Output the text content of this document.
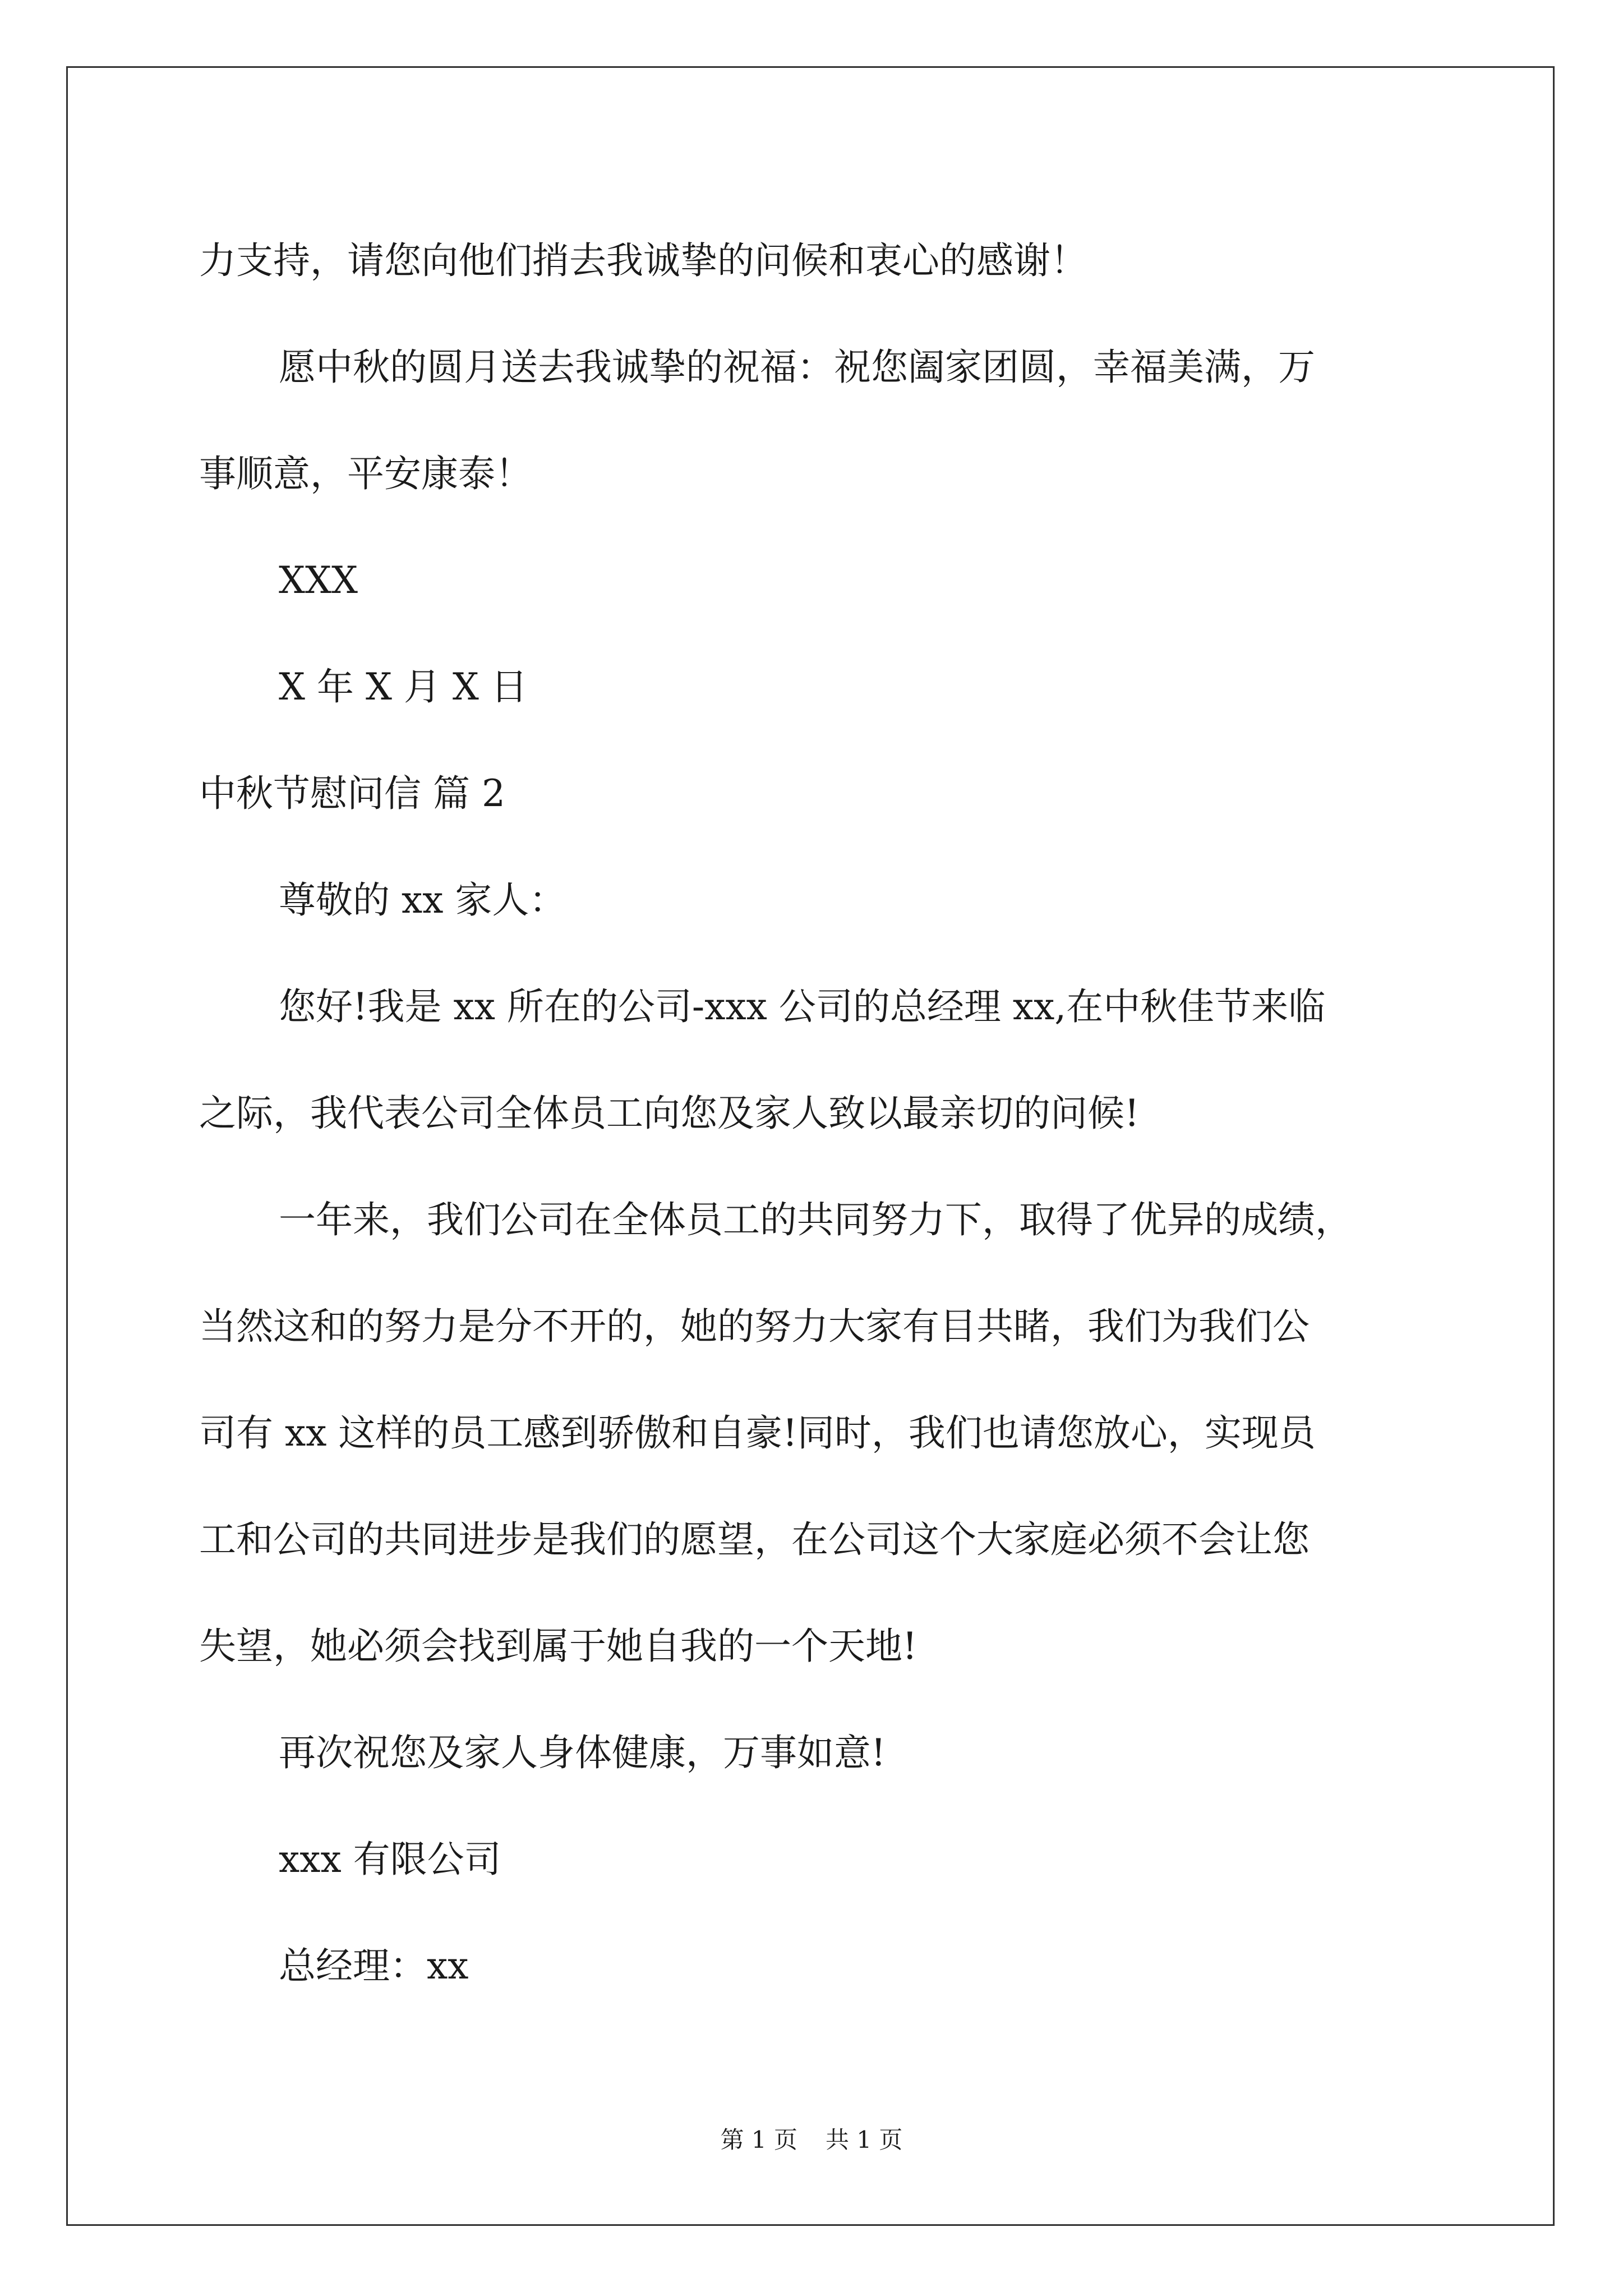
力支持，请您向他们捎去我诚挚的问候和衷心的感谢！

愿中秋的圆月送去我诚挚的祝福：祝您阖家团圆，幸福美满，万

事顺意，平安康泰！

XXX

X 年 X 月 X 日

中秋节慰问信 篇 2

尊敬的 xx 家人：

您好!我是 xx 所在的公司-xxx 公司的总经理 xx,在中秋佳节来临

之际，我代表公司全体员工向您及家人致以最亲切的问候!

一年来，我们公司在全体员工的共同努力下，取得了优异的成绩，

当然这和的努力是分不开的，她的努力大家有目共睹，我们为我们公

司有 xx 这样的员工感到骄傲和自豪!同时，我们也请您放心，实现员

工和公司的共同进步是我们的愿望，在公司这个大家庭必须不会让您

失望，她必须会找到属于她自我的一个天地!

再次祝您及家人身体健康，万事如意!

xxx 有限公司

总经理：xx

第 1 页 共 1 页
